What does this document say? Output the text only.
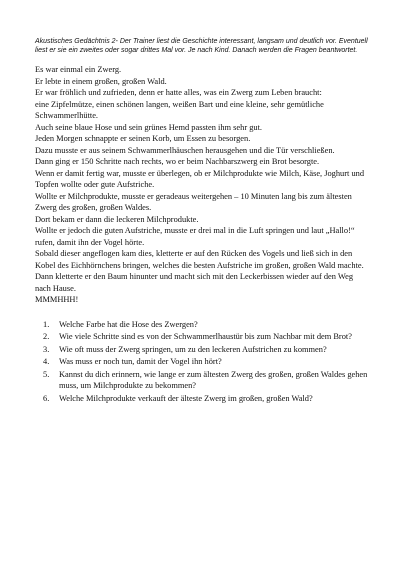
Akustisches Gedächtnis 2- Der Trainer liest die Geschichte interessant, langsam und deutlich vor. Eventuell liest er sie ein zweites oder sogar drittes Mal vor. Je nach Kind. Danach werden die Fragen beantwortet.

Es war einmal ein Zwerg.

Er lebte in einem großen, großen Wald.

Er war fröhlich und zufrieden, denn er hatte alles, was ein Zwerg zum Leben braucht:

eine Zipfelmütze, einen schönen langen, weißen Bart und eine kleine, sehr gemütliche Schwammerlhütte.

Auch seine blaue Hose und sein grünes Hemd passten ihm sehr gut.

Jeden Morgen schnappte er seinen Korb, um Essen zu besorgen.

Dazu musste er aus seinem Schwammerlhäuschen herausgehen und die Tür verschließen.

Dann ging er 150 Schritte nach rechts, wo er beim Nachbarszwerg ein Brot besorgte.

Wenn er damit fertig war, musste er überlegen, ob er Milchprodukte wie Milch, Käse, Joghurt und Topfen wollte oder gute Aufstriche.

Wollte er Milchprodukte, musste er geradeaus weitergehen – 10 Minuten lang bis zum ältesten Zwerg des großen, großen Waldes.

Dort bekam er dann die leckeren Milchprodukte.

Wollte er jedoch die guten Aufstriche, musste er drei mal in die Luft springen und laut „Hallo!“ rufen, damit ihn der Vogel hörte.

Sobald dieser angeflogen kam dies, kletterte er auf den Rücken des Vogels und ließ sich in den Kobel des Eichhörnchens bringen, welches die besten Aufstriche im großen, großen Wald machte.

Dann kletterte er den Baum hinunter und macht sich mit den Leckerbissen wieder auf den Weg nach Hause.

MMMHHH!

1. Welche Farbe hat die Hose des Zwergen?
2. Wie viele Schritte sind es von der Schwammerlhaustür bis zum Nachbar mit dem Brot?
3. Wie oft muss der Zwerg springen, um zu den leckeren Aufstrichen zu kommen?
4. Was muss er noch tun, damit der Vogel ihn hört?
5. Kannst du dich erinnern, wie lange er zum ältesten Zwerg des großen, großen Waldes gehen muss, um Milchprodukte zu bekommen?
6. Welche Milchprodukte verkauft der älteste Zwerg im großen, großen Wald?
